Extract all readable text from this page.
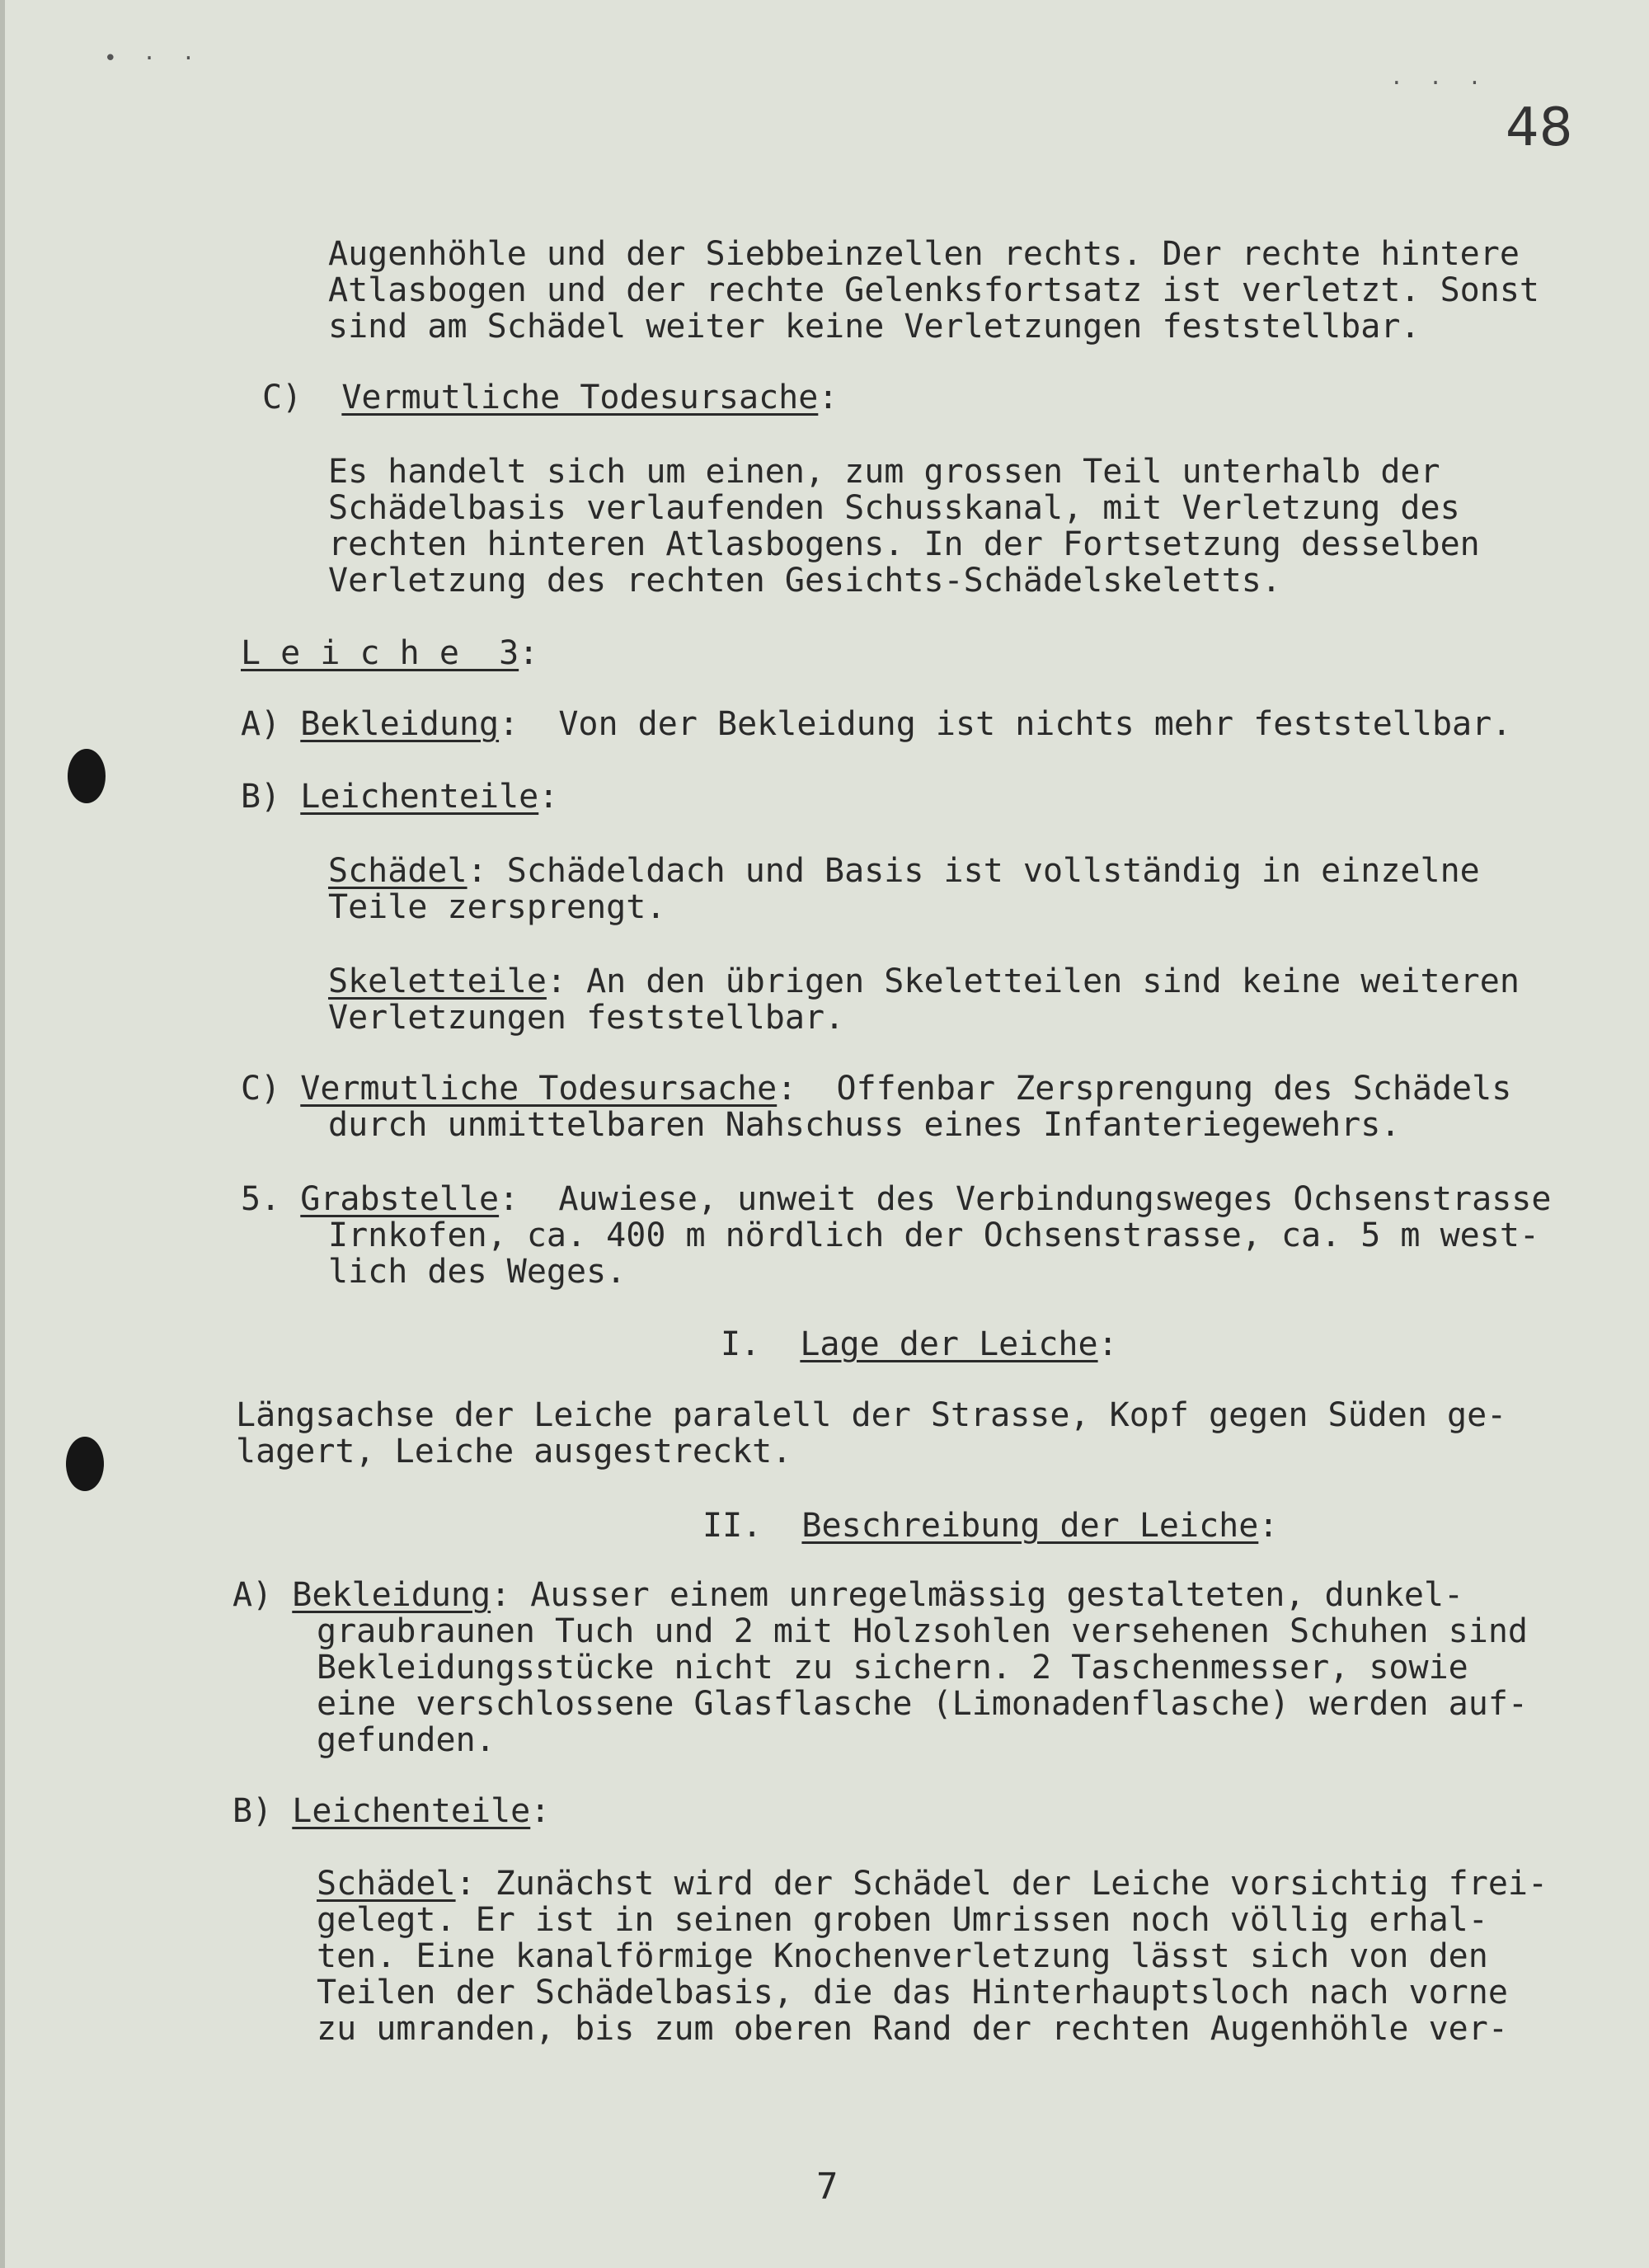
• · ·
· · ·
48
Augenhöhle und der Siebbeinzellen rechts. Der rechte hintere
Atlasbogen und der rechte Gelenksfortsatz ist verletzt. Sonst
sind am Schädel weiter keine Verletzungen feststellbar.
C) Vermutliche Todesursache:
Es handelt sich um einen, zum grossen Teil unterhalb der
Schädelbasis verlaufenden Schusskanal, mit Verletzung des
rechten hinteren Atlasbogens. In der Fortsetzung desselben
Verletzung des rechten Gesichts-Schädelskeletts.
L e i c h e  3:
A) Bekleidung:  Von der Bekleidung ist nichts mehr feststellbar.
B) Leichenteile:
Schädel: Schädeldach und Basis ist vollständig in einzelne
Teile zersprengt.
Skeletteile: An den übrigen Skeletteilen sind keine weiteren
Verletzungen feststellbar.
C) Vermutliche Todesursache:  Offenbar Zersprengung des Schädels
durch unmittelbaren Nahschuss eines Infanteriegewehrs.
5. Grabstelle:  Auwiese, unweit des Verbindungsweges Ochsenstrasse
Irnkofen, ca. 400 m nördlich der Ochsenstrasse, ca. 5 m west-
lich des Weges.
I. Lage der Leiche:
Längsachse der Leiche paralell der Strasse, Kopf gegen Süden ge-
lagert, Leiche ausgestreckt.
II. Beschreibung der Leiche:
A) Bekleidung: Ausser einem unregelmässig gestalteten, dunkel-
graubraunen Tuch und 2 mit Holzsohlen versehenen Schuhen sind
Bekleidungsstücke nicht zu sichern. 2 Taschenmesser, sowie
eine verschlossene Glasflasche (Limonadenflasche) werden auf-
gefunden.
B) Leichenteile:
Schädel: Zunächst wird der Schädel der Leiche vorsichtig frei-
gelegt. Er ist in seinen groben Umrissen noch völlig erhal-
ten. Eine kanalförmige Knochenverletzung lässt sich von den
Teilen der Schädelbasis, die das Hinterhauptsloch nach vorne
zu umranden, bis zum oberen Rand der rechten Augenhöhle ver-
7
